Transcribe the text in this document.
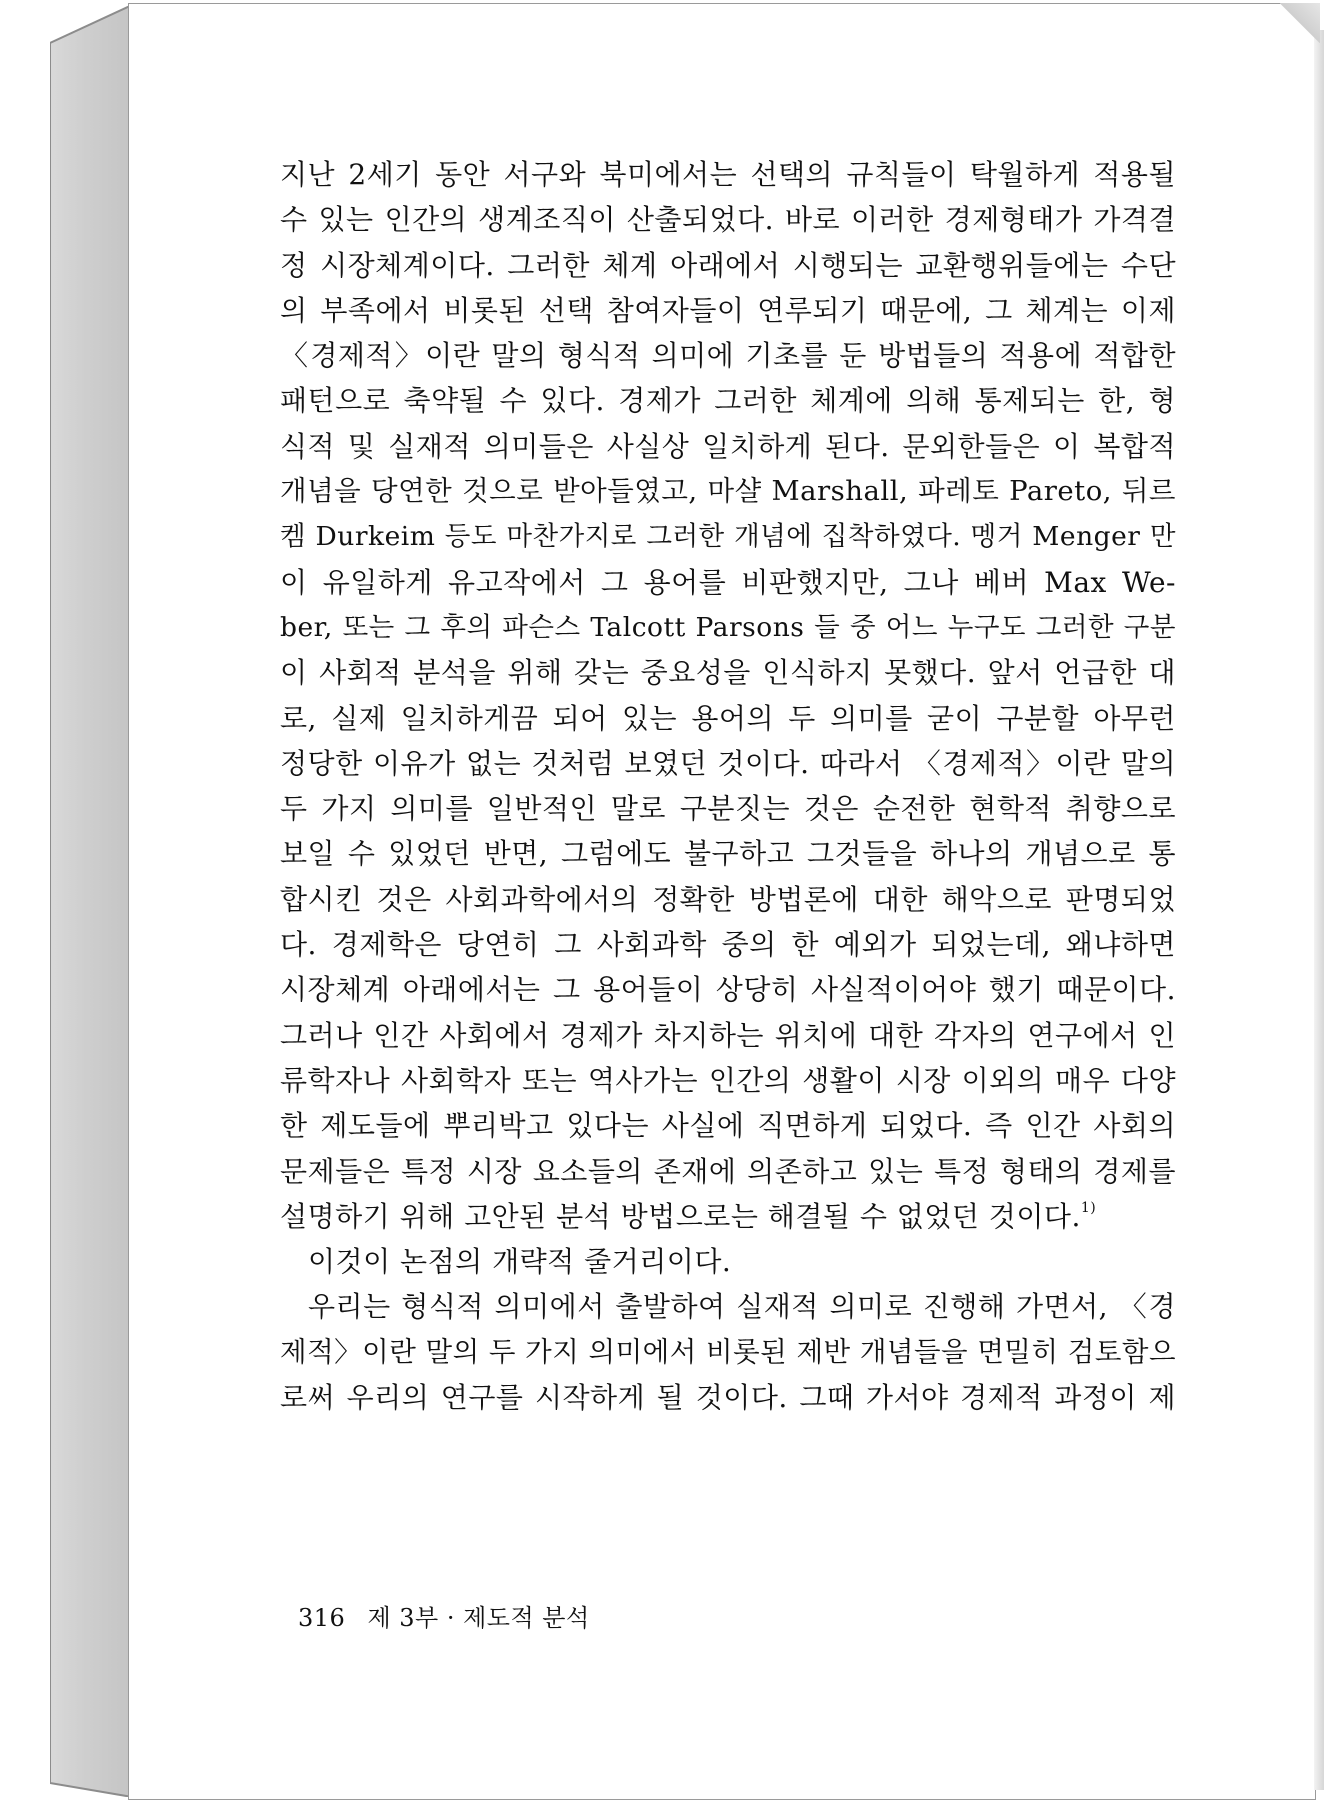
지난 2세기 동안 서구와 북미에서는 선택의 규칙들이 탁월하게 적용될
수 있는 인간의 생계조직이 산출되었다. 바로 이러한 경제형태가 가격결
정 시장체계이다. 그러한 체계 아래에서 시행되는 교환행위들에는 수단
의 부족에서 비롯된 선택 참여자들이 연루되기 때문에, 그 체계는 이제
〈경제적〉이란 말의 형식적 의미에 기초를 둔 방법들의 적용에 적합한
패턴으로 축약될 수 있다. 경제가 그러한 체계에 의해 통제되는 한, 형
식적 및 실재적 의미들은 사실상 일치하게 된다. 문외한들은 이 복합적
개념을 당연한 것으로 받아들였고, 마샬 Marshall, 파레토 Pareto, 뒤르
켐 Durkeim 등도 마찬가지로 그러한 개념에 집착하였다. 멩거 Menger 만
이 유일하게 유고작에서 그 용어를 비판했지만, 그나 베버 Max We-
ber, 또는 그 후의 파슨스 Talcott Parsons 들 중 어느 누구도 그러한 구분
이 사회적 분석을 위해 갖는 중요성을 인식하지 못했다. 앞서 언급한 대
로, 실제 일치하게끔 되어 있는 용어의 두 의미를 굳이 구분할 아무런
정당한 이유가 없는 것처럼 보였던 것이다. 따라서 〈경제적〉이란 말의
두 가지 의미를 일반적인 말로 구분짓는 것은 순전한 현학적 취향으로
보일 수 있었던 반면, 그럼에도 불구하고 그것들을 하나의 개념으로 통
합시킨 것은 사회과학에서의 정확한 방법론에 대한 해악으로 판명되었
다. 경제학은 당연히 그 사회과학 중의 한 예외가 되었는데, 왜냐하면
시장체계 아래에서는 그 용어들이 상당히 사실적이어야 했기 때문이다.
그러나 인간 사회에서 경제가 차지하는 위치에 대한 각자의 연구에서 인
류학자나 사회학자 또는 역사가는 인간의 생활이 시장 이외의 매우 다양
한 제도들에 뿌리박고 있다는 사실에 직면하게 되었다. 즉 인간 사회의
문제들은 특정 시장 요소들의 존재에 의존하고 있는 특정 형태의 경제를
설명하기 위해 고안된 분석 방법으로는 해결될 수 없었던 것이다.$^{1)}$
이것이 논점의 개략적 줄거리이다.
우리는 형식적 의미에서 출발하여 실재적 의미로 진행해 가면서, 〈경
제적〉이란 말의 두 가지 의미에서 비롯된 제반 개념들을 면밀히 검토함으
로써 우리의 연구를 시작하게 될 것이다. 그때 가서야 경제적 과정이 제
316 제 3부 · 제도적 분석
